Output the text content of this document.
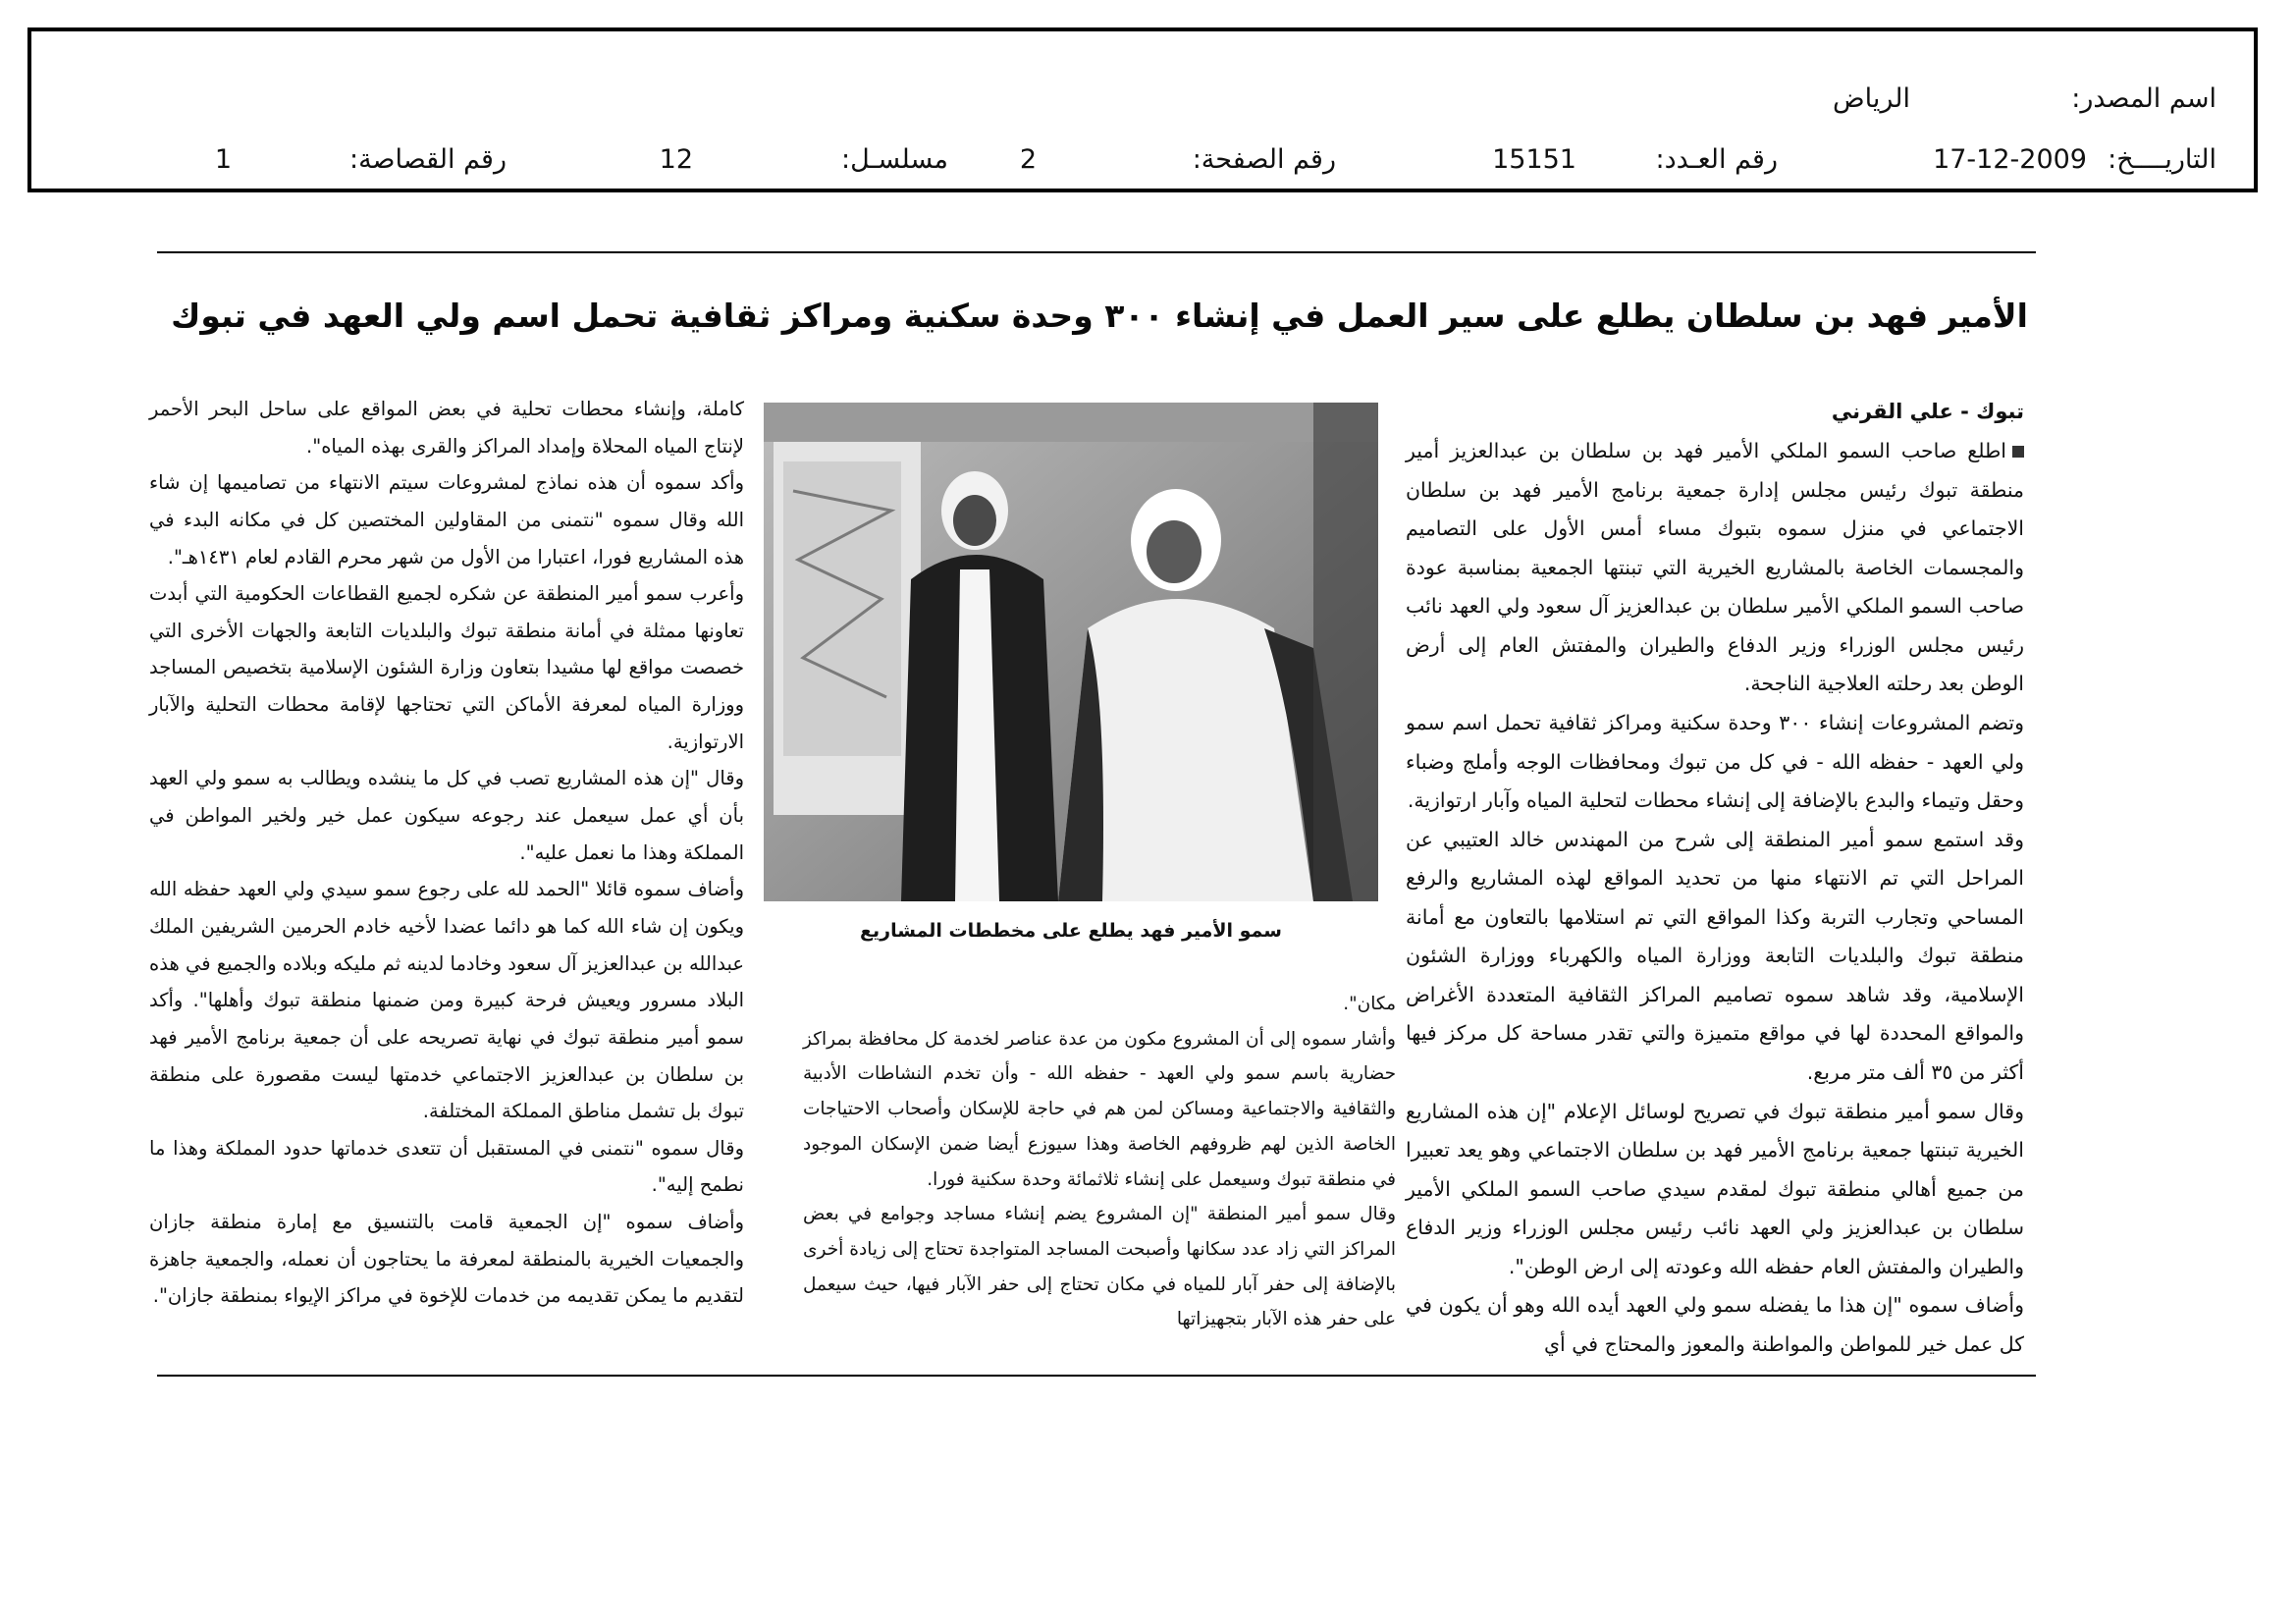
اسم المصدر:
الرياض
التاريــــخ:
17-12-2009
رقم العـدد:
15151
رقم الصفحة:
2
مسلسـل:
12
رقم القصاصة:
1
الأمير فهد بن سلطان يطلع على سير العمل في إنشاء ٣٠٠ وحدة سكنية ومراكز ثقافية تحمل اسم ولي العهد في تبوك
تبوك - علي القرني

اطلع صاحب السمو الملكي الأمير فهد بن سلطان بن عبدالعزيز أمير منطقة تبوك رئيس مجلس إدارة جمعية برنامج الأمير فهد بن سلطان الاجتماعي في منزل سموه بتبوك مساء أمس الأول على التصاميم والمجسمات الخاصة بالمشاريع الخيرية التي تبنتها الجمعية بمناسبة عودة صاحب السمو الملكي الأمير سلطان بن عبدالعزيز آل سعود ولي العهد نائب رئيس مجلس الوزراء وزير الدفاع والطيران والمفتش العام إلى أرض الوطن بعد رحلته العلاجية الناجحة.

وتضم المشروعات إنشاء ٣٠٠ وحدة سكنية ومراكز ثقافية تحمل اسم سمو ولي العهد - حفظه الله - في كل من تبوك ومحافظات الوجه وأملج وضباء وحقل وتيماء والبدع بالإضافة إلى إنشاء محطات لتحلية المياه وآبار ارتوازية.

وقد استمع سمو أمير المنطقة إلى شرح من المهندس خالد العتيبي عن المراحل التي تم الانتهاء منها من تحديد المواقع لهذه المشاريع والرفع المساحي وتجارب التربة وكذا المواقع التي تم استلامها بالتعاون مع أمانة منطقة تبوك والبلديات التابعة ووزارة المياه والكهرباء ووزارة الشئون الإسلامية، وقد شاهد سموه تصاميم المراكز الثقافية المتعددة الأغراض والمواقع المحددة لها في مواقع متميزة والتي تقدر مساحة كل مركز فيها أكثر من ٣٥ ألف متر مربع.

وقال سمو أمير منطقة تبوك في تصريح لوسائل الإعلام "إن هذه المشاريع الخيرية تبنتها جمعية برنامج الأمير فهد بن سلطان الاجتماعي وهو يعد تعبيرا من جميع أهالي منطقة تبوك لمقدم سيدي صاحب السمو الملكي الأمير سلطان بن عبدالعزيز ولي العهد نائب رئيس مجلس الوزراء وزير الدفاع والطيران والمفتش العام حفظه الله وعودته إلى ارض الوطن".

وأضاف سموه "إن هذا ما يفضله سمو ولي العهد أيده الله وهو أن يكون في كل عمل خير للمواطن والمواطنة والمعوز والمحتاج في أي

سمو الأمير فهد يطلع على مخططات المشاريع

مكان".

وأشار سموه إلى أن المشروع مكون من عدة عناصر لخدمة كل محافظة بمراكز حضارية باسم سمو ولي العهد - حفظه الله - وأن تخدم النشاطات الأدبية والثقافية والاجتماعية ومساكن لمن هم في حاجة للإسكان وأصحاب الاحتياجات الخاصة الذين لهم ظروفهم الخاصة وهذا سيوزع أيضا ضمن الإسكان الموجود في منطقة تبوك وسيعمل على إنشاء ثلاثمائة وحدة سكنية فورا.

وقال سمو أمير المنطقة "إن المشروع يضم إنشاء مساجد وجوامع في بعض المراكز التي زاد عدد سكانها وأصبحت المساجد المتواجدة تحتاج إلى زيادة أخرى بالإضافة إلى حفر آبار للمياه في مكان تحتاج إلى حفر الآبار فيها، حيث سيعمل على حفر هذه الآبار بتجهيزاتها

كاملة، وإنشاء محطات تحلية في بعض المواقع على ساحل البحر الأحمر لإنتاج المياه المحلاة وإمداد المراكز والقرى بهذه المياه".

وأكد سموه أن هذه نماذج لمشروعات سيتم الانتهاء من تصاميمها إن شاء الله وقال سموه "نتمنى من المقاولين المختصين كل في مكانه البدء في هذه المشاريع فورا، اعتبارا من الأول من شهر محرم القادم لعام ١٤٣١هـ".

وأعرب سمو أمير المنطقة عن شكره لجميع القطاعات الحكومية التي أبدت تعاونها ممثلة في أمانة منطقة تبوك والبلديات التابعة والجهات الأخرى التي خصصت مواقع لها مشيدا بتعاون وزارة الشئون الإسلامية بتخصيص المساجد ووزارة المياه لمعرفة الأماكن التي تحتاجها لإقامة محطات التحلية والآبار الارتوازية.

وقال "إن هذه المشاريع تصب في كل ما ينشده ويطالب به سمو ولي العهد بأن أي عمل سيعمل عند رجوعه سيكون عمل خير ولخير المواطن في المملكة وهذا ما نعمل عليه".

وأضاف سموه قائلا "الحمد لله على رجوع سمو سيدي ولي العهد حفظه الله ويكون إن شاء الله كما هو دائما عضدا لأخيه خادم الحرمين الشريفين الملك عبدالله بن عبدالعزيز آل سعود وخادما لدينه ثم مليكه وبلاده والجميع في هذه البلاد مسرور ويعيش فرحة كبيرة ومن ضمنها منطقة تبوك وأهلها". وأكد سمو أمير منطقة تبوك في نهاية تصريحه على أن جمعية برنامج الأمير فهد بن سلطان بن عبدالعزيز الاجتماعي خدمتها ليست مقصورة على منطقة تبوك بل تشمل مناطق المملكة المختلفة.

وقال سموه "نتمنى في المستقبل أن تتعدى خدماتها حدود المملكة وهذا ما نطمح إليه".

وأضاف سموه "إن الجمعية قامت بالتنسيق مع إمارة منطقة جازان والجمعيات الخيرية بالمنطقة لمعرفة ما يحتاجون أن نعمله، والجمعية جاهزة لتقديم ما يمكن تقديمه من خدمات للإخوة في مراكز الإيواء بمنطقة جازان".
